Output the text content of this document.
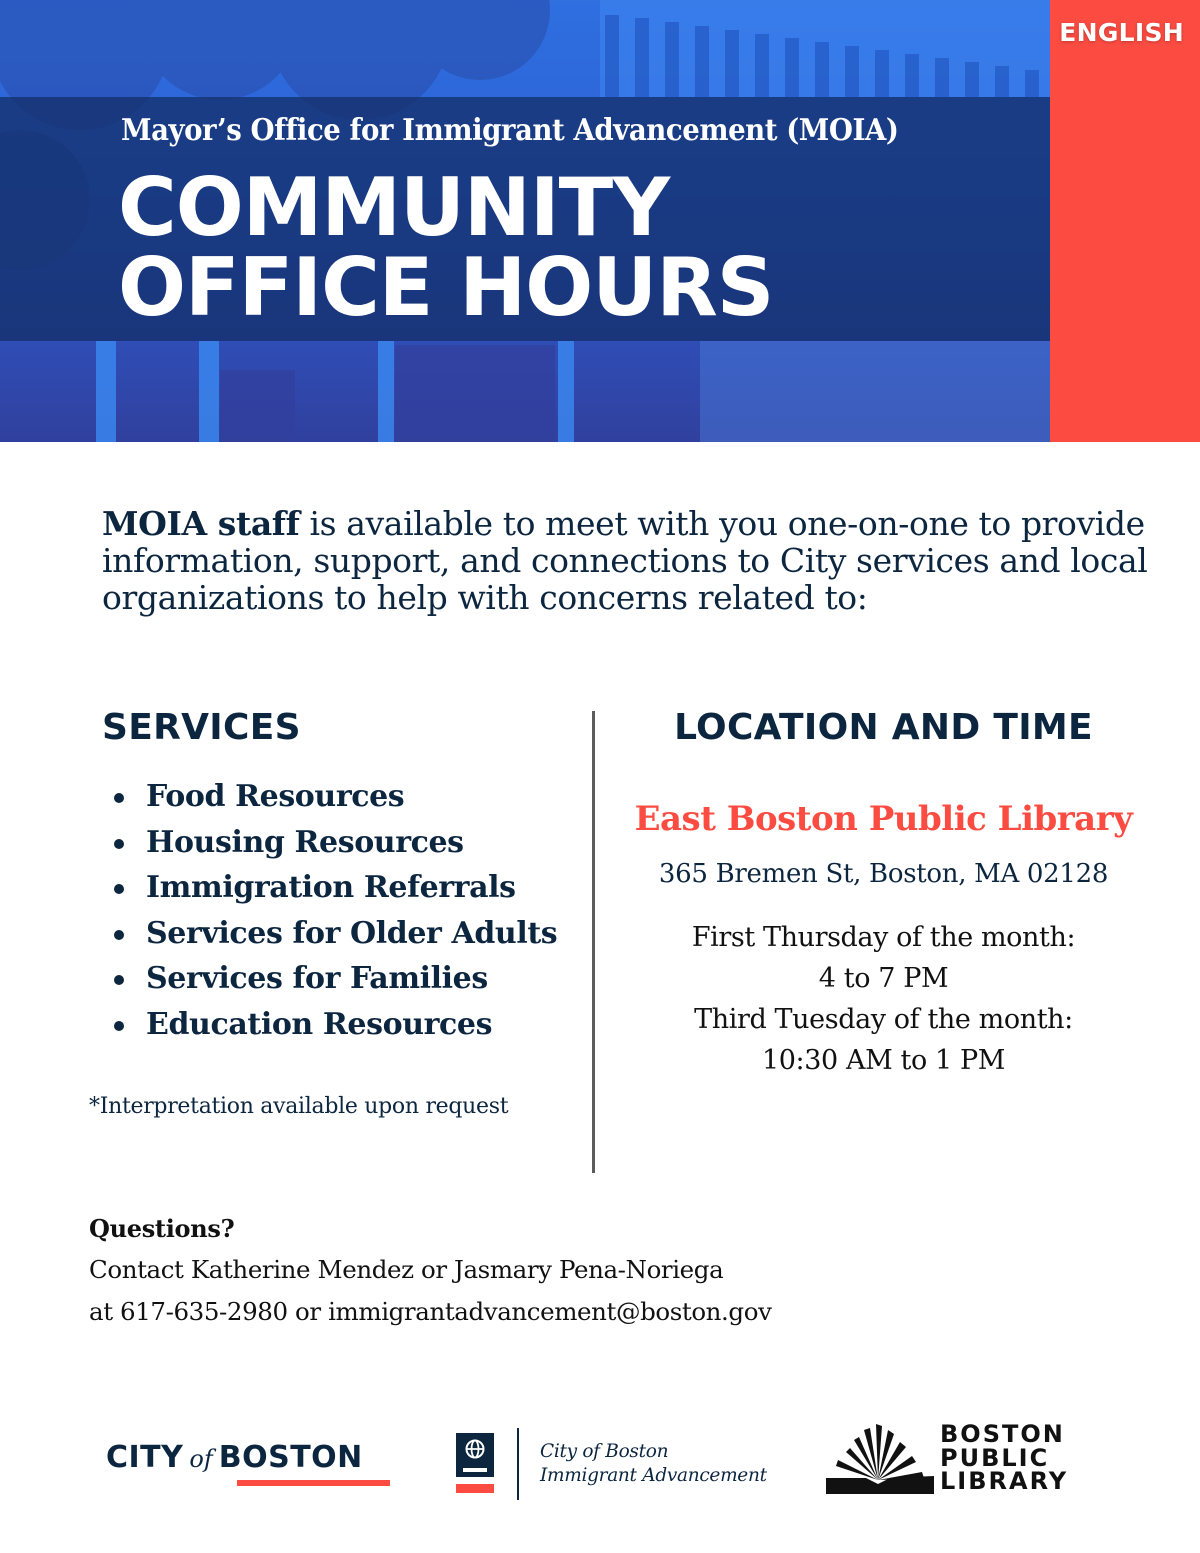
Mayor’s Office for Immigrant Advancement (MOIA)
COMMUNITY
OFFICE HOURS
ENGLISH

MOIA staff is available to meet with you one-on-one to provide information, support, and connections to City services and local organizations to help with concerns related to:

SERVICES
Food Resources
Housing Resources
Immigration Referrals
Services for Older Adults
Services for Families
Education Resources

*Interpretation available upon request

LOCATION AND TIME
East Boston Public Library
365 Bremen St, Boston, MA 02128
First Thursday of the month:
4 to 7 PM
Third Tuesday of the month:
10:30 AM to 1 PM
Questions?
Contact Katherine Mendez or Jasmary Pena-Noriega
at 617-635-2980 or immigrantadvancement@boston.gov
CITY of BOSTON	City of Boston
Immigrant Advancement
BOSTON
PUBLIC
LIBRARY
